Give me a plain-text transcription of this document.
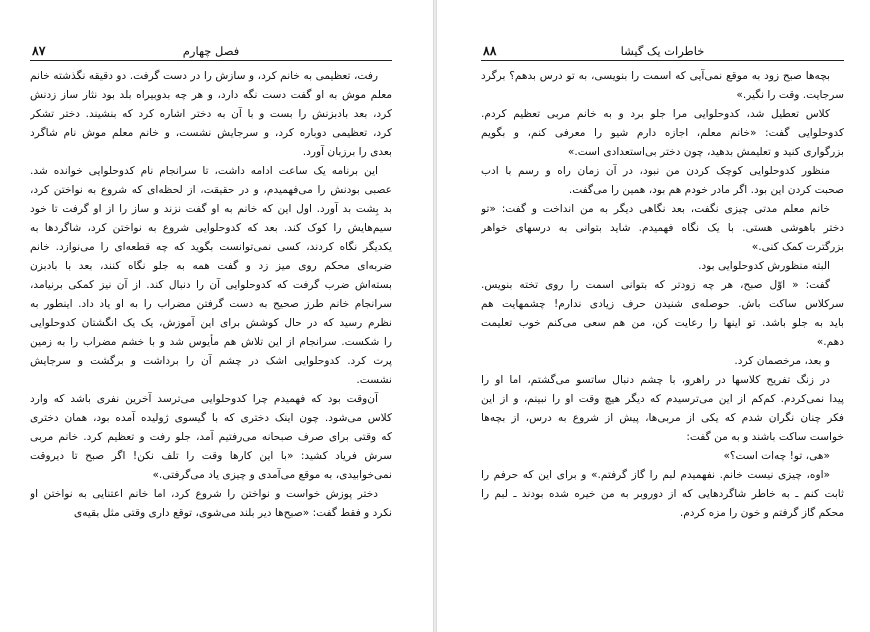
۸۷	فصل چهارم
رفت، تعظیمی به خانم کرد، و سازش را در دست گرفت. دو دقیقه نگذشته خانم
معلم موش به او گفت دست نگه دارد، و هر چه بدوبیراه بلد بود نثار ساز زدنش
کرد، بعد بادبزنش را بست و با آن به دختر اشاره کرد که بنشیند. دختر تشکر
کرد، تعظیمی دوباره کرد، و سرجایش نشست، و خانم معلم موش نام شاگرد
بعدی را برزبان آورد.
این برنامه یک ساعت ادامه داشت، تا سرانجام نام کدوحلوایی خوانده شد.
عصبی بودنش را می‌فهمیدم، و در حقیقت، از لحظه‌ای که شروع به نواختن کرد،
بد بِشت بد آورد. اول این که خانم به او گفت نزند و ساز را از او گرفت تا خود
سیم‌هایش را کوک کند. بعد که کدوحلوایی شروع به نواختن کرد، شاگردها به
یکدیگر نگاه کردند، کسی نمی‌توانست بگوید که چه قطعه‌ای را می‌نوازد. خانم
ضربه‌ای محکم روی میز زد و گفت همه به جلو نگاه کنند، بعد با بادبزن
بسته‌اش ضرب گرفت که کدوحلوایی آن را دنبال کند. از آن نیز کمکی برنیامد،
سرانجام خانم طرز صحیح به دست گرفتن مضراب را به او یاد داد. اینطور به
نظرم رسید که در حال کوشش برای این آموزش، یک یک انگشتان کدوحلوایی
را شکست. سرانجام از این تلاش هم مأیوس شد و با خشم مضراب را به زمین
پرت کرد. کدوحلوایی اشک در چشم آن را برداشت و برگشت و سرجایش
نشست.
آن‌وقت بود که فهمیدم چرا کدوحلوایی می‌ترسد آخرین نفری باشد که وارد
کلاس می‌شود. چون اینک دختری که با گیسوی ژولیده آمده بود، همان دختری
که وقتی برای صرف صبحانه می‌رفتیم آمد، جلو رفت و تعظیم کرد. خانم مربی
سرش فریاد کشید: «با این کارها وقت را تلف نکن! اگر صبح تا دیروقت
نمی‌خوابیدی، به موقع می‌آمدی و چیزی یاد می‌گرفتی.»
دختر پوزش خواست و نواختن را شروع کرد، اما خانم اعتنایی به نواختن او
نکرد و فقط گفت: «صبح‌ها دیر بلند می‌شوی، توقع داری وقتی مثل بقیه‌ی
۸۸	خاطرات یک گیشا
بچه‌ها صبح زود به موقع نمی‌آیی که اسمت را بنویسی، به تو درس بدهم؟ برگرد
سرجایت. وقت را نگیر.»
کلاس تعطیل شد، کدوحلوایی مرا جلو برد و به خانم مربی تعظیم کردم.
کدوحلوایی گفت: «خانم معلم، اجازه دارم شیو را معرفی کنم، و بگویم
بزرگواری کنید و تعلیمش بدهید، چون دختر بی‌استعدادی است.»
منظور کدوحلوایی کوچک کردن من نبود، در آن زمان راه و رسم با ادب
صحبت کردن این بود. اگر مادر خودم هم بود، همین را می‌گفت.
خانم معلم مدتی چیزی نگفت، بعد نگاهی دیگر به من انداخت و گفت: «تو
دختر باهوشی هستی. با یک نگاه فهمیدم. شاید بتوانی به درسهای خواهر
بزرگترت کمک کنی.»
البته منظورش کدوحلوایی بود.
گفت: « اوّل صبح، هر چه زودتر که بتوانی اسمت را روی تخته بنویس.
سرکلاس ساکت باش. حوصله‌ی شنیدن حرف زیادی ندارم! چشمهایت هم
باید به جلو باشد. تو اینها را رعایت کن، من هم سعی می‌کنم خوب تعلیمت
دهم.»
و بعد، مرخصمان کرد.
در زنگ تفریح کلاسها در راهرو، با چشم دنبال ساتسو می‌گشتم، اما او را
پیدا نمی‌کردم. کم‌کم از این می‌ترسیدم که دیگر هیچ وقت او را نبینم، و از این
فکر چنان نگران شدم که یکی از مربی‌ها، پیش از شروع به درس، از بچه‌ها
خواست ساکت باشند و به من گفت:
«هی، تو! چه‌ات است؟»
«اوه، چیزی نیست خانم. نفهمیدم لبم را گاز گرفتم.» و برای این که حرفم را
ثابت کنم ـ به خاطر شاگردهایی که از دوروبر به من خیره شده بودند ـ لبم را
محکم گاز گرفتم و خون را مزه کردم.
